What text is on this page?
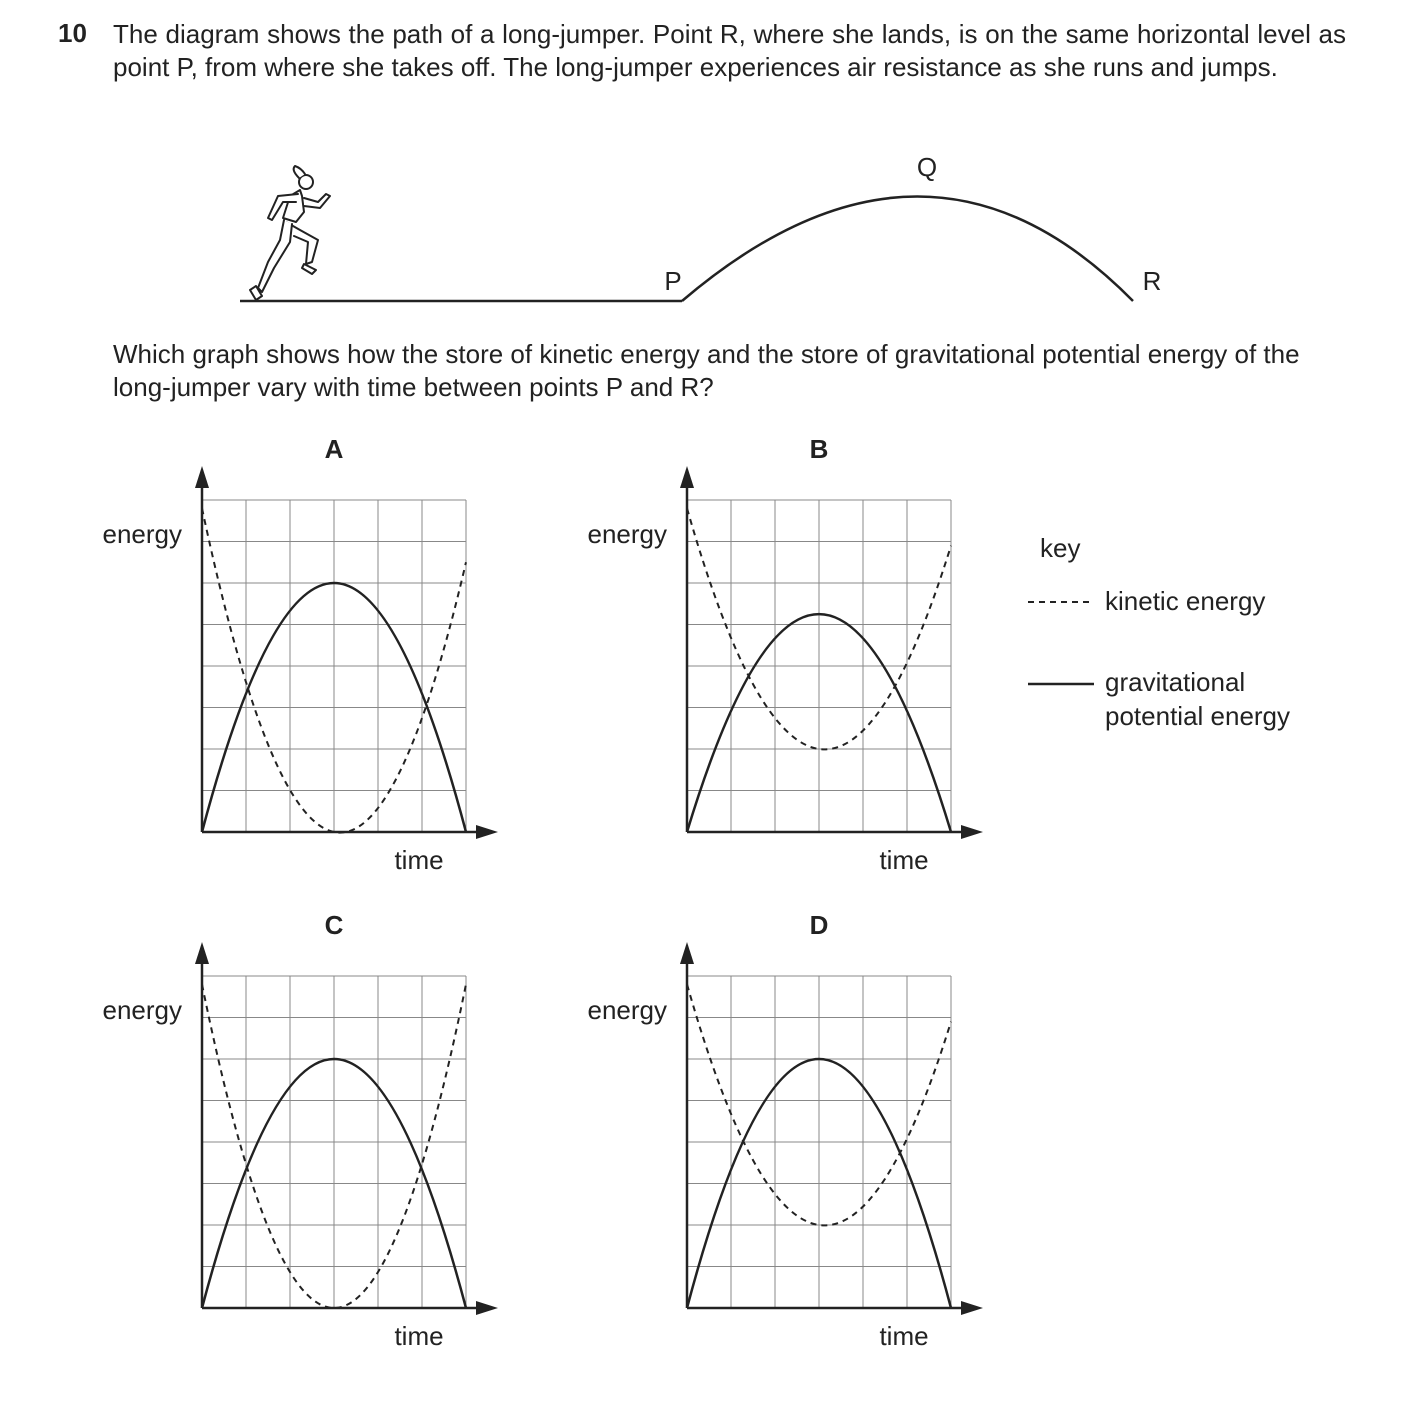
10 The diagram shows the path of a long-jumper. Point R, where she lands, is on the same horizontal level as point P, from where she takes off. The long-jumper experiences air resistance as she runs and jumps.
P
Q
R
Which graph shows how the store of kinetic energy and the store of gravitational potential energy of the long-jumper vary with time between points P and R?
A
energy
time
B
energy
time
C
energy
time
D
energy
time
key
kinetic energy
gravitational
potential energy
